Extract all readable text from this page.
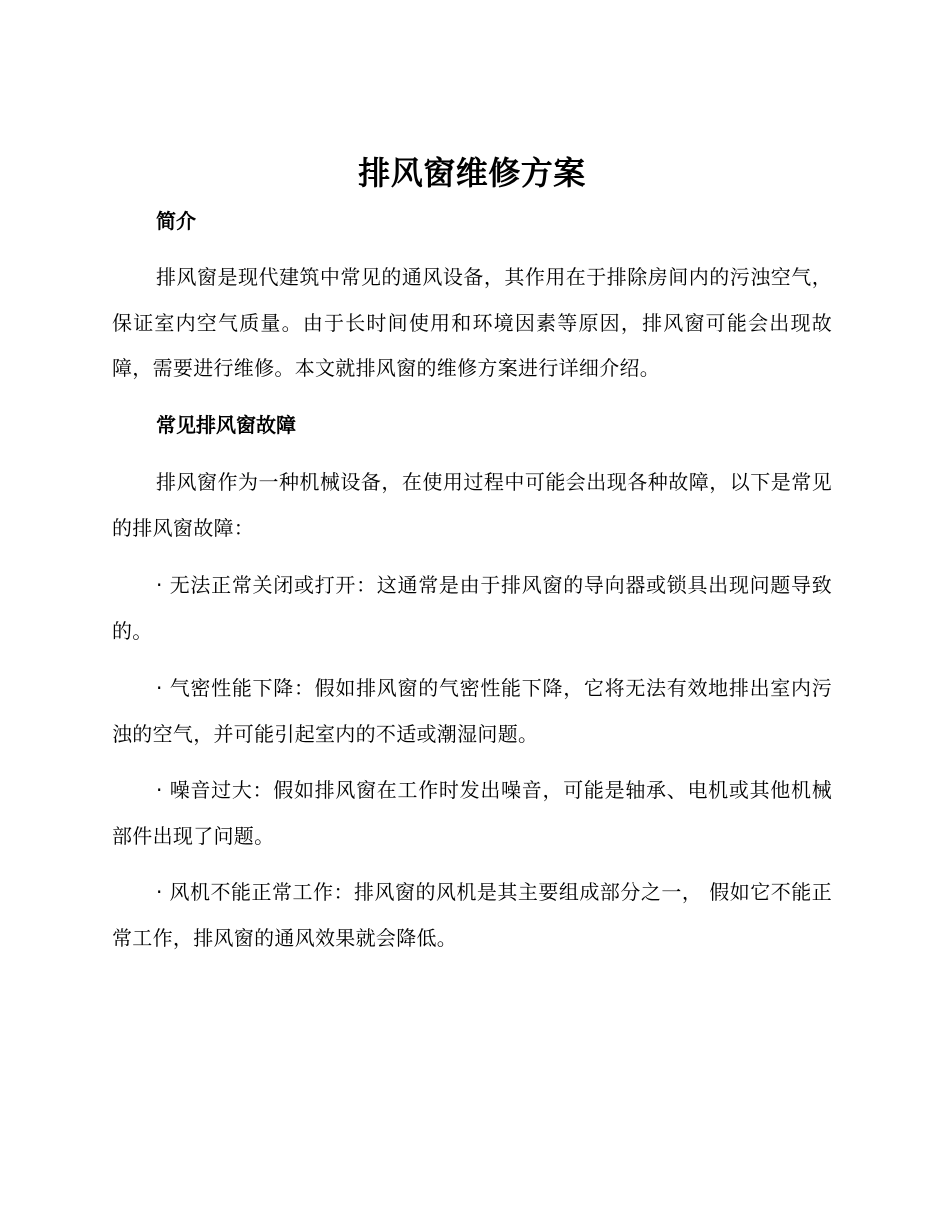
排风窗维修方案
简介

排风窗是现代建筑中常见的通风设备，其作用在于排除房间内的污浊空气，保证室内空气质量。由于长时间使用和环境因素等原因，排风窗可能会出现故障，需要进行维修。本文就排风窗的维修方案进行详细介绍。

常见排风窗故障

排风窗作为一种机械设备，在使用过程中可能会出现各种故障，以下是常见的排风窗故障：

· 无法正常关闭或打开：这通常是由于排风窗的导向器或锁具出现问题导致的。

· 气密性能下降：假如排风窗的气密性能下降，它将无法有效地排出室内污浊的空气，并可能引起室内的不适或潮湿问题。

· 噪音过大：假如排风窗在工作时发出噪音，可能是轴承、电机或其他机械部件出现了问题。

· 风机不能正常工作：排风窗的风机是其主要组成部分之一， 假如它不能正常工作，排风窗的通风效果就会降低。
